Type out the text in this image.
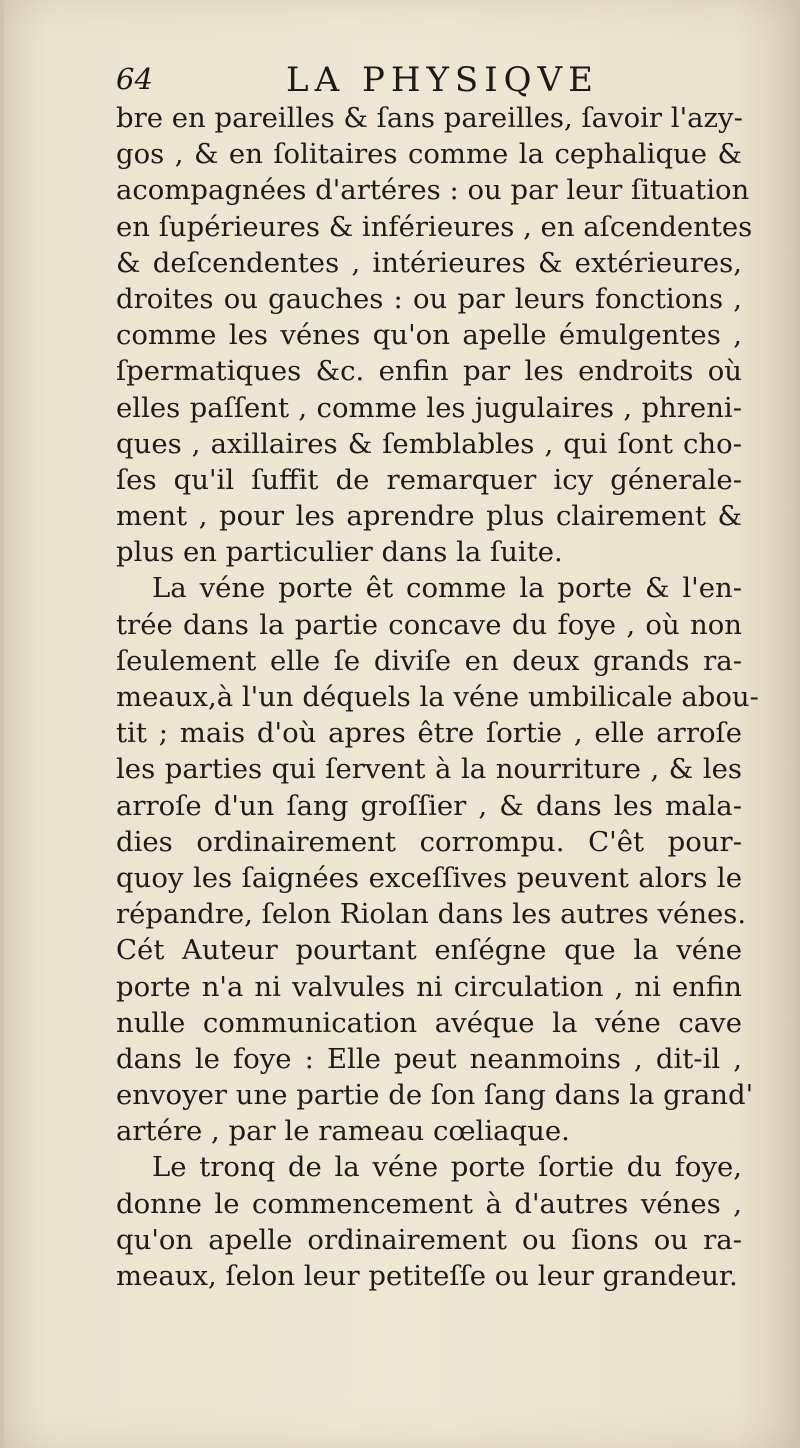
64	LA PHYSIQVE
bre en pareilles & ſans pareilles, ſavoir l'azy-
gos , & en ſolitaires comme la cephalique &
acompagnées d'artéres : ou par leur ſituation
en ſupérieures & inférieures , en aſcendentes
& deſcendentes , intérieures & extérieures,
droites ou gauches : ou par leurs fonctions ,
comme les vénes qu'on apelle émulgentes ,
ſpermatiques &c. enfin par les endroits où
elles paſſent , comme les jugulaires , phreni-
ques , axillaires & ſemblables , qui ſont cho-
ſes qu'il ſuffit de remarquer icy génerale-
ment , pour les aprendre plus clairement &
plus en particulier dans la ſuite.
La véne porte êt comme la porte & l'en-
trée dans la partie concave du foye , où non
ſeulement elle ſe diviſe en deux grands ra-
meaux,à l'un déquels la véne umbilicale abou-
tit ; mais d'où apres être ſortie , elle arroſe
les parties qui ſervent à la nourriture , & les
arroſe d'un ſang groſſier , & dans les mala-
dies ordinairement corrompu. C'êt pour-
quoy les ſaignées exceſſives peuvent alors le
répandre, ſelon Riolan dans les autres vénes.
Cét Auteur pourtant enſégne que la véne
porte n'a ni valvules ni circulation , ni enfin
nulle communication avéque la véne cave
dans le foye : Elle peut neanmoins , dit-il ,
envoyer une partie de ſon ſang dans la grand'
artére , par le rameau cœliaque.
Le tronq de la véne porte ſortie du foye,
donne le commencement à d'autres vénes ,
qu'on apelle ordinairement ou ſions ou ra-
meaux, ſelon leur petiteſſe ou leur grandeur.
